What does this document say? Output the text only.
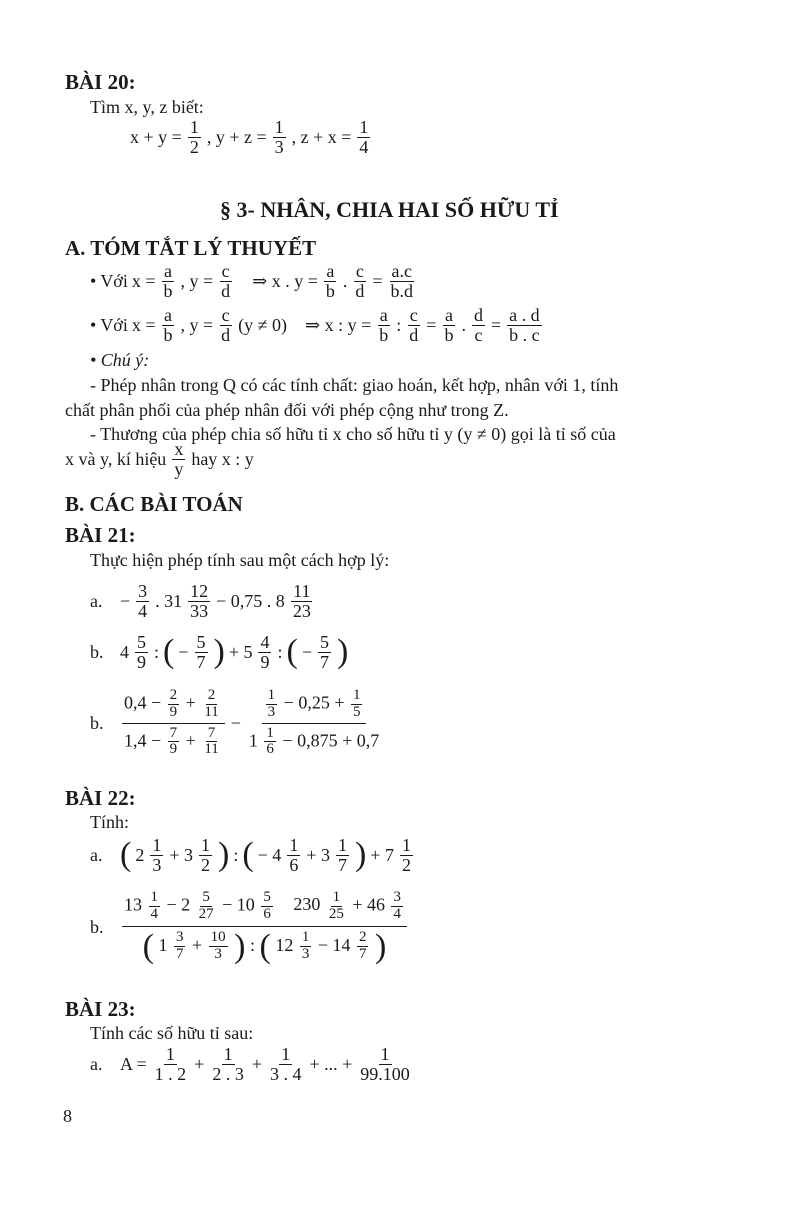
BÀI 20:
Tìm x, y, z biết:
$x + y = \frac{1}{2}$ , $y + z = \frac{1}{3}$ , $z + x = \frac{1}{4}$
§ 3- NHÂN, CHIA HAI SỐ HỮU TỈ
A. TÓM TẮT LÝ THUYẾT
• Với $x = \frac{a}{b}$ , $y = \frac{c}{d}$ ⇒ x . $y = \frac{a}{b}$ . $\frac{c}{d} = \frac{a.c}{b.d}$
• Với $x = \frac{a}{b}$ , $y = \frac{c}{d} (y \ne 0)$ ⇒ x : $y = \frac{a}{b}$ : $\frac{c}{d} = \frac{a}{b}$ . $\frac{d}{c} = \frac{a . d}{b . c}$
• Chú ý:
- Phép nhân trong Q có các tính chất: giao hoán, kết hợp, nhân với 1, tính
chất phân phối của phép nhân đối với phép cộng như trong Z.
- Thương của phép chia số hữu tỉ x cho số hữu tỉ y (y ≠ 0) gọi là tỉ số của
x và y, kí hiệu x
y hay x : y
B. CÁC BÀI TOÁN
BÀI 21:
Thực hiện phép tính sau một cách hợp lý:
a. − $\frac{3}{4}$ . 31
12
33 − 0,75 . 8
11
23
b. 4
5
9 : ( − $\frac{5}{7}$ ) + 5
4
9 : ( − $\frac{5}{7}$ )
b.
$0,4 - \frac{2}{9} + \frac{2}{11}$
$1,4 - \frac{7}{9} + \frac{7}{11}$
− $\frac{\frac{1}{3} - 0,25 + \frac{1}{5}}{1 \frac{1}{6} - 0,875 + 0,7}$
BÀI 22:
Tính:
a. ( 2
1
3 + 3
1
2 ) : ( − 4
1
6 + 3
1
7 ) + 7
1
2
b.
$13 \frac{1}{4} - 2 \frac{5}{27} - 10 \frac{5}{6} 230 \frac{1}{25} + 46 \frac{3}{4}$
( $1 \frac{3}{7} + \frac{10}{3}$ ) : ( $12 \frac{1}{3} - 14 \frac{2}{7}$ )
BÀI 23:
Tính các số hữu tỉ sau:
a. $A = \frac{1}{1 . 2} + \frac{1}{2 . 3} + \frac{1}{3 . 4}$ + ... + $\frac{1}{99.100}$
8
